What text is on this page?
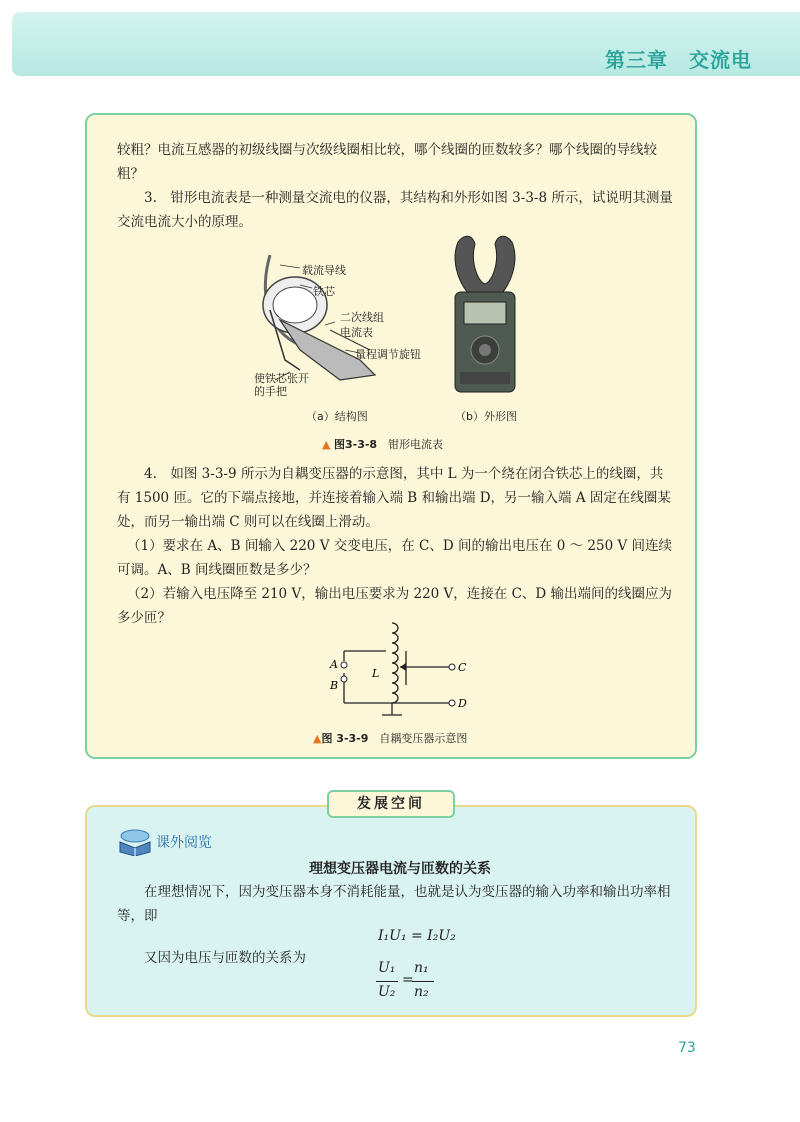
第三章　交流电
较粗？电流互感器的初级线圈与次级线圈相比较，哪个线圈的匝数较多？哪个线圈的导线较粗？
3.　钳形电流表是一种测量交流电的仪器，其结构和外形如图 3-3-8 所示，试说明其测量交流电流大小的原理。
载流导线
铁芯
二次线组
电流表
量程调节旋钮
使铁芯张开
的手把
（a）结构图	（b）外形图
▲ 图3-3-8　 钳形电流表
4.　如图 3-3-9 所示为自耦变压器的示意图，其中 L 为一个绕在闭合铁芯上的线圈，共有 1500 匝。它的下端点接地，并连接着输入端 B 和输出端 D，另一输入端 A 固定在线圈某处，而另一输出端 C 则可以在线圈上滑动。
（1）要求在 A、B 间输入 220 V 交变电压，在 C、D 间的输出电压在 0 ～ 250 V 间连续可调。A、B 间线圈匝数是多少？
（2）若输入电压降至 210 V，输出电压要求为 220 V，连接在 C、D 输出端间的线圈应为多少匝？
A
B
L	C
D
▲图 3-3-9　 自耦变压器示意图
发展空间
课外阅览
理想变压器电流与匝数的关系
在理想情况下，因为变压器本身不消耗能量，也就是认为变压器的输入功率和输出功率相等，即
I₁U₁ = I₂U₂
又因为电压与匝数的关系为
U₁
U₂
=
n₁
n₂
73
